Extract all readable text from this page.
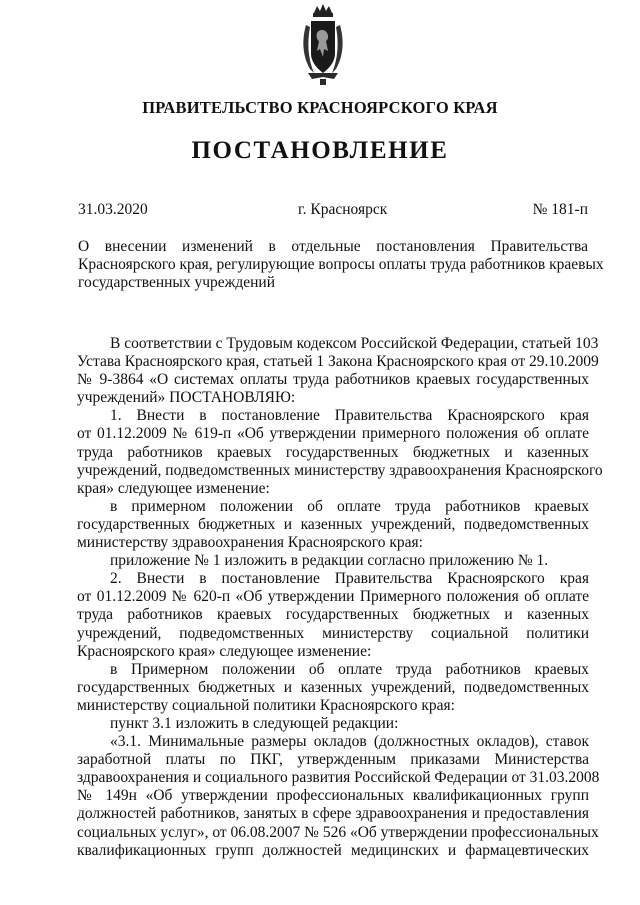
ПРАВИТЕЛЬСТВО КРАСНОЯРСКОГО КРАЯ
ПОСТАНОВЛЕНИЕ
31.03.2020	г. Красноярск	№ 181-п
О внесении изменений в отдельные постановления Правительства
Красноярского края, регулирующие вопросы оплаты труда работников краевых
государственных учреждений
В соответствии с Трудовым кодексом Российской Федерации, статьей 103
Устава Красноярского края, статьей 1 Закона Красноярского края от 29.10.2009
№ 9-3864 «О системах оплаты труда работников краевых государственных
учреждений» ПОСТАНОВЛЯЮ:
1. Внести в постановление Правительства Красноярского края
от 01.12.2009 № 619-п «Об утверждении примерного положения об оплате
труда работников краевых государственных бюджетных и казенных
учреждений, подведомственных министерству здравоохранения Красноярского
края» следующее изменение:
в примерном положении об оплате труда работников краевых
государственных бюджетных и казенных учреждений, подведомственных
министерству здравоохранения Красноярского края:
приложение № 1 изложить в редакции согласно приложению № 1.
2. Внести в постановление Правительства Красноярского края
от 01.12.2009 № 620-п «Об утверждении Примерного положения об оплате
труда работников краевых государственных бюджетных и казенных
учреждений, подведомственных министерству социальной политики
Красноярского края» следующее изменение:
в Примерном положении об оплате труда работников краевых
государственных бюджетных и казенных учреждений, подведомственных
министерству социальной политики Красноярского края:
пункт 3.1 изложить в следующей редакции:
«3.1. Минимальные размеры окладов (должностных окладов), ставок
заработной платы по ПКГ, утвержденным приказами Министерства
здравоохранения и социального развития Российской Федерации от 31.03.2008
№ 149н «Об утверждении профессиональных квалификационных групп
должностей работников, занятых в сфере здравоохранения и предоставления
социальных услуг», от 06.08.2007 № 526 «Об утверждении профессиональных
квалификационных групп должностей медицинских и фармацевтических
